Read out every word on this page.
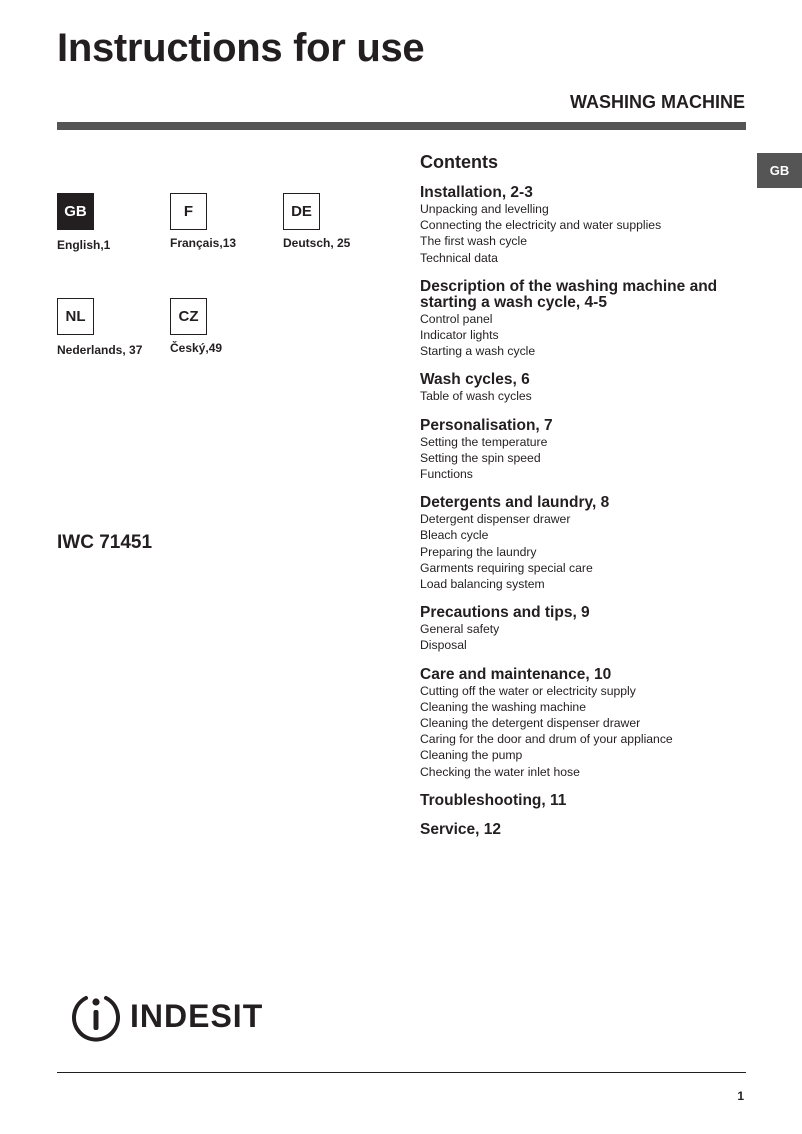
Instructions for use
WASHING MACHINE
GB
GB
English,1
F
Français,13
DE
Deutsch, 25
NL
Nederlands, 37
CZ
Český,49
IWC 71451
Contents
Installation, 2-3

Unpacking and levelling

Connecting the electricity and water supplies

The first wash cycle

Technical data

Description of the washing machine and starting a wash cycle, 4-5

Control panel

Indicator lights

Starting a wash cycle

Wash cycles, 6

Table of wash cycles

Personalisation, 7

Setting the temperature

Setting the spin speed

Functions

Detergents and laundry, 8

Detergent dispenser drawer

Bleach cycle

Preparing the laundry

Garments requiring special care

Load balancing system

Precautions and tips, 9

General safety

Disposal

Care and maintenance, 10

Cutting off the water or electricity supply

Cleaning the washing machine

Cleaning the detergent dispenser drawer

Caring for the door and drum of your appliance

Cleaning the pump

Checking the water inlet hose

Troubleshooting, 11
Service, 12
INDESIT
1
